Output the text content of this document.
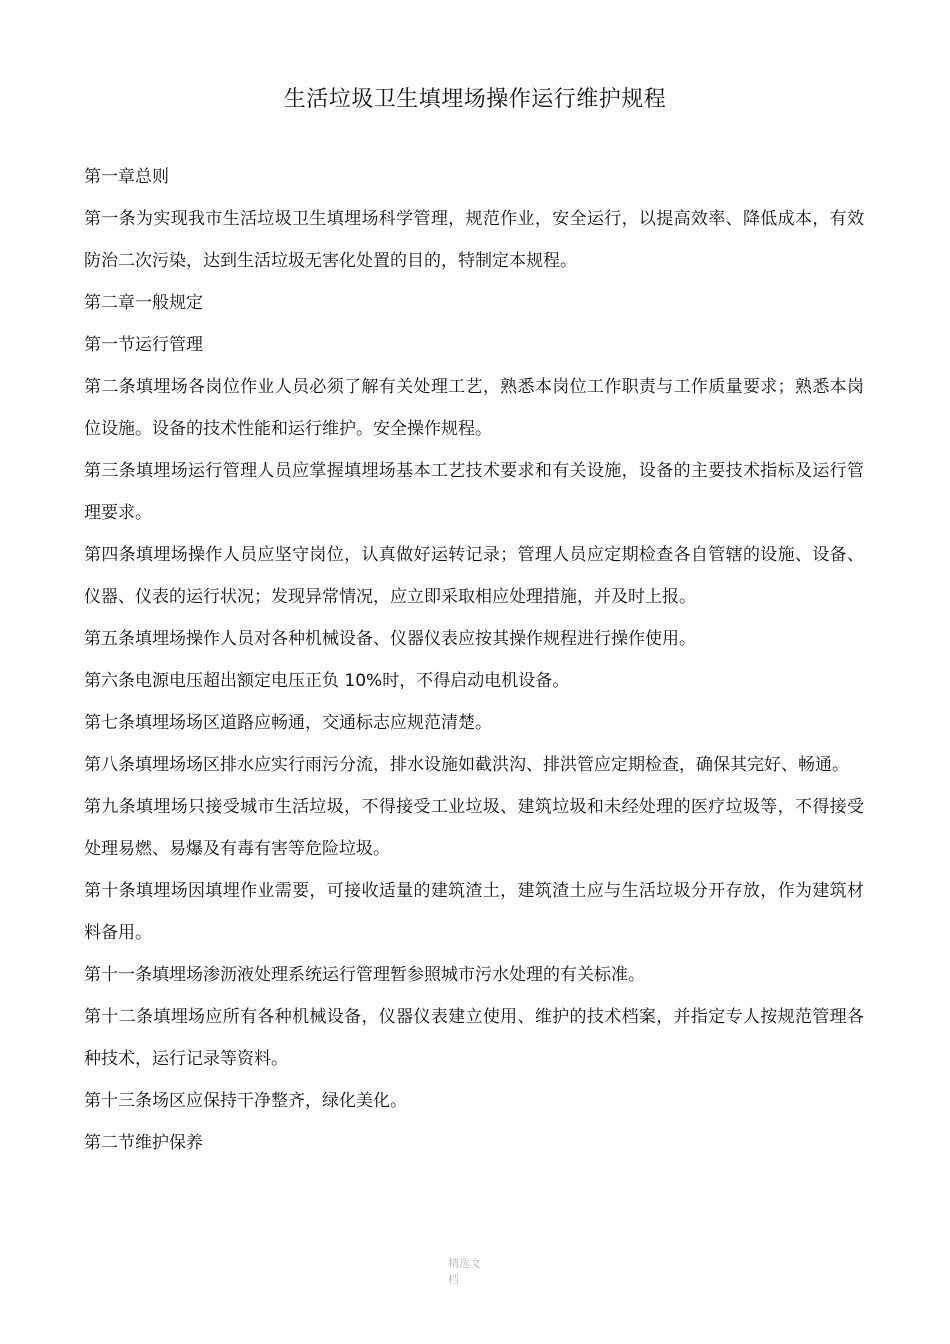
生活垃圾卫生填埋场操作运行维护规程

第一章总则

第一条为实现我市生活垃圾卫生填埋场科学管理，规范作业，安全运行，以提高效率、降低成本，有效防治二次污染，达到生活垃圾无害化处置的目的，特制定本规程。

第二章一般规定

第一节运行管理

第二条填埋场各岗位作业人员必须了解有关处理工艺，熟悉本岗位工作职责与工作质量要求；熟悉本岗位设施。设备的技术性能和运行维护。安全操作规程。

第三条填埋场运行管理人员应掌握填埋场基本工艺技术要求和有关设施，设备的主要技术指标及运行管理要求。

第四条填埋场操作人员应坚守岗位，认真做好运转记录；管理人员应定期检查各自管辖的设施、设备、仪器、仪表的运行状况；发现异常情况，应立即采取相应处理措施，并及时上报。

第五条填埋场操作人员对各种机械设备、仪器仪表应按其操作规程进行操作使用。

第六条电源电压超出额定电压正负 10%时，不得启动电机设备。

第七条填埋场场区道路应畅通，交通标志应规范清楚。

第八条填埋场场区排水应实行雨污分流，排水设施如截洪沟、排洪管应定期检查，确保其完好、畅通。

第九条填埋场只接受城市生活垃圾，不得接受工业垃圾、建筑垃圾和未经处理的医疗垃圾等，不得接受处理易燃、易爆及有毒有害等危险垃圾。

第十条填埋场因填埋作业需要，可接收适量的建筑渣土，建筑渣土应与生活垃圾分开存放，作为建筑材料备用。

第十一条填埋场渗沥液处理系统运行管理暂参照城市污水处理的有关标准。

第十二条填埋场应所有各种机械设备，仪器仪表建立使用、维护的技术档案，并指定专人按规范管理各种技术，运行记录等资料。

第十三条场区应保持干净整齐，绿化美化。

第二节维护保养

精选文
档
